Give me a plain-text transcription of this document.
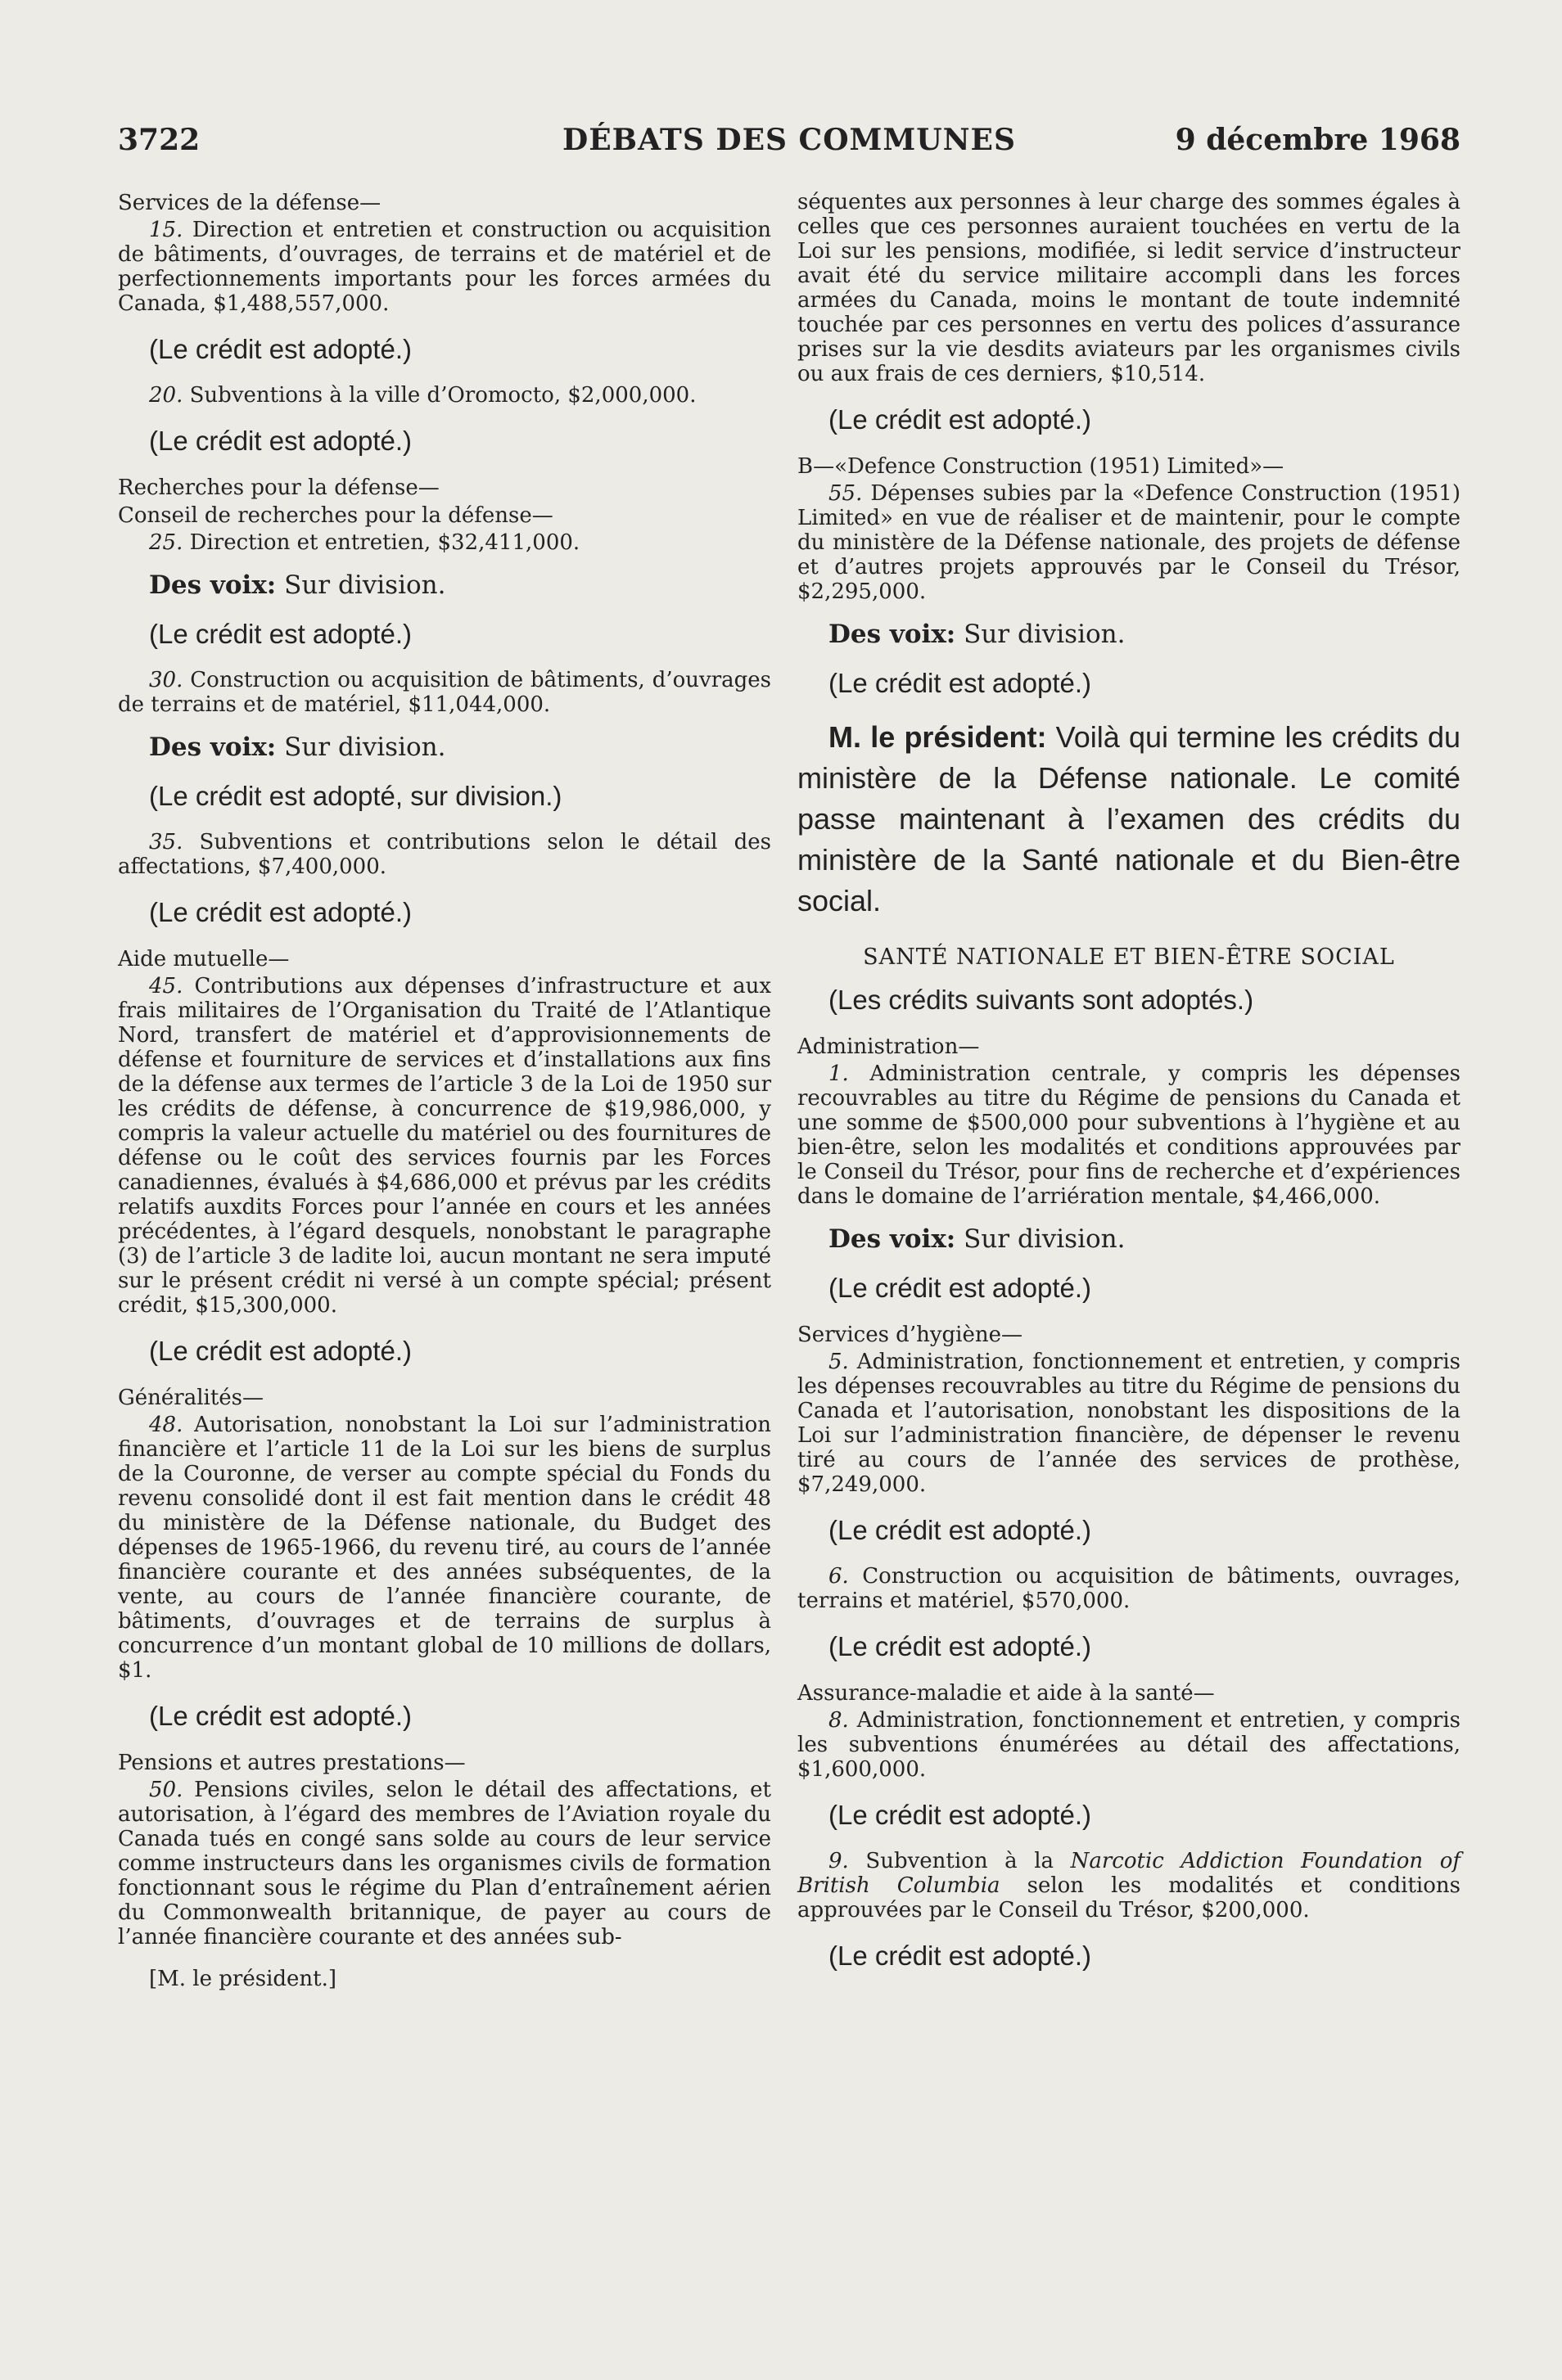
3722	DÉBATS DES COMMUNES	9 décembre 1968

Services de la défense—

15. Direction et entretien et construction ou acquisition de bâtiments, d’ouvrages, de terrains et de matériel et de perfectionnements importants pour les forces armées du Canada, $1,488,557,000.

(Le crédit est adopté.)

20. Subventions à la ville d’Oromocto, $2,000,000.

(Le crédit est adopté.)

Recherches pour la défense—

Conseil de recherches pour la défense—

25. Direction et entretien, $32,411,000.

Des voix: Sur division.

(Le crédit est adopté.)

30. Construction ou acquisition de bâtiments, d’ouvrages de terrains et de matériel, $11,044,000.

Des voix: Sur division.

(Le crédit est adopté, sur division.)

35. Subventions et contributions selon le détail des affectations, $7,400,000.

(Le crédit est adopté.)

Aide mutuelle—

45. Contributions aux dépenses d’infrastructure et aux frais militaires de l’Organisation du Traité de l’Atlantique Nord, transfert de matériel et d’approvisionnements de défense et fourniture de services et d’installations aux fins de la défense aux termes de l’article 3 de la Loi de 1950 sur les crédits de défense, à concurrence de $19,986,000, y compris la valeur actuelle du matériel ou des fournitures de défense ou le coût des services fournis par les Forces canadiennes, évalués à $4,686,000 et prévus par les crédits relatifs auxdits Forces pour l’année en cours et les années précédentes, à l’égard desquels, nonobstant le paragraphe (3) de l’article 3 de ladite loi, aucun montant ne sera imputé sur le présent crédit ni versé à un compte spécial; présent crédit, $15,300,000.

(Le crédit est adopté.)

Généralités—

48. Autorisation, nonobstant la Loi sur l’administration financière et l’article 11 de la Loi sur les biens de surplus de la Couronne, de verser au compte spécial du Fonds du revenu consolidé dont il est fait mention dans le crédit 48 du ministère de la Défense nationale, du Budget des dépenses de 1965-1966, du revenu tiré, au cours de l’année financière courante et des années subséquentes, de la vente, au cours de l’année financière courante, de bâtiments, d’ouvrages et de terrains de surplus à concurrence d’un montant global de 10 millions de dollars, $1.

(Le crédit est adopté.)

Pensions et autres prestations—

50. Pensions civiles, selon le détail des affectations, et autorisation, à l’égard des membres de l’Aviation royale du Canada tués en congé sans solde au cours de leur service comme instructeurs dans les organismes civils de formation fonctionnant sous le régime du Plan d’entraînement aérien du Commonwealth britannique, de payer au cours de l’année financière courante et des années sub-

[M. le président.]

séquentes aux personnes à leur charge des sommes égales à celles que ces personnes auraient touchées en vertu de la Loi sur les pensions, modifiée, si ledit service d’instructeur avait été du service militaire accompli dans les forces armées du Canada, moins le montant de toute indemnité touchée par ces personnes en vertu des polices d’assurance prises sur la vie desdits aviateurs par les organismes civils ou aux frais de ces derniers, $10,514.

(Le crédit est adopté.)

B—«Defence Construction (1951) Limited»—

55. Dépenses subies par la «Defence Construction (1951) Limited» en vue de réaliser et de maintenir, pour le compte du ministère de la Défense nationale, des projets de défense et d’autres projets approuvés par le Conseil du Trésor, $2,295,000.

Des voix: Sur division.

(Le crédit est adopté.)

M. le président: Voilà qui termine les crédits du ministère de la Défense nationale. Le comité passe maintenant à l’examen des crédits du ministère de la Santé nationale et du Bien-être social.

SANTÉ NATIONALE ET BIEN-ÊTRE SOCIAL

(Les crédits suivants sont adoptés.)

Administration—

1. Administration centrale, y compris les dépenses recouvrables au titre du Régime de pensions du Canada et une somme de $500,000 pour subventions à l’hygiène et au bien-être, selon les modalités et conditions approuvées par le Conseil du Trésor, pour fins de recherche et d’expériences dans le domaine de l’arriération mentale, $4,466,000.

Des voix: Sur division.

(Le crédit est adopté.)

Services d’hygiène—

5. Administration, fonctionnement et entretien, y compris les dépenses recouvrables au titre du Régime de pensions du Canada et l’autorisation, nonobstant les dispositions de la Loi sur l’administration financière, de dépenser le revenu tiré au cours de l’année des services de prothèse, $7,249,000.

(Le crédit est adopté.)

6. Construction ou acquisition de bâtiments, ouvrages, terrains et matériel, $570,000.

(Le crédit est adopté.)

Assurance-maladie et aide à la santé—

8. Administration, fonctionnement et entretien, y compris les subventions énumérées au détail des affectations, $1,600,000.

(Le crédit est adopté.)

9. Subvention à la Narcotic Addiction Foundation of British Columbia selon les modalités et conditions approuvées par le Conseil du Trésor, $200,000.

(Le crédit est adopté.)
